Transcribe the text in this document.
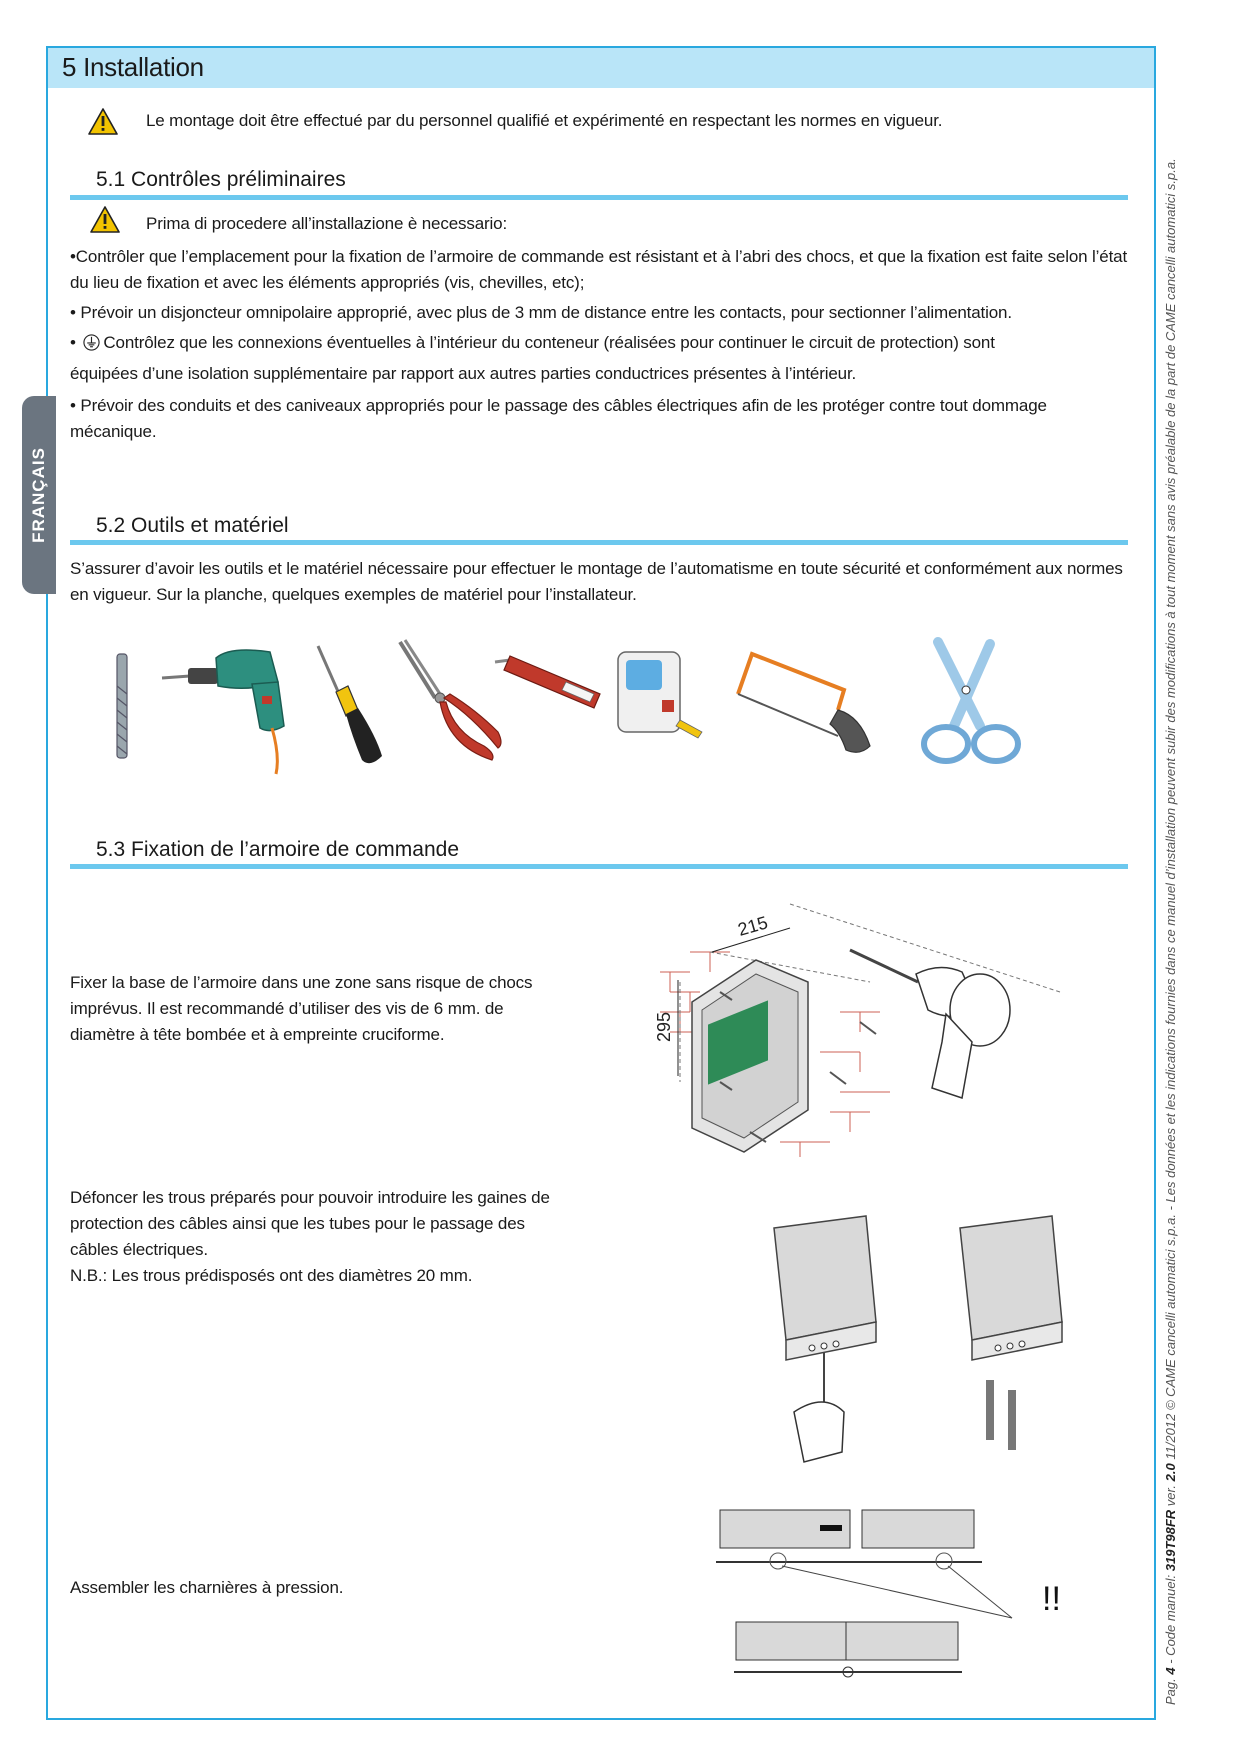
5 Installation

Le montage doit être effectué par du personnel qualifié et expérimenté en respectant les normes en vigueur.

FRANÇAIS
5.1 Contrôles préliminaires

Prima di procedere all’installazione è necessario:

•Contrôler que l’emplacement pour la fixation de l’armoire de commande est résistant et à l’abri des chocs, et que la fixation est faite selon l’état du lieu de fixation et avec les éléments appropriés (vis, chevilles, etc);

• Prévoir un disjoncteur omnipolaire approprié, avec plus de 3 mm de distance entre les contacts, pour sectionner l’alimentation.

• Contrôlez que les connexions éventuelles à l’intérieur du conteneur (réalisées pour continuer le circuit de protection) sont

équipées d’une isolation supplémentaire par rapport aux autres parties conductrices présentes à l’intérieur.

• Prévoir des conduits et des caniveaux appropriés pour le passage des câbles électriques afin de les protéger contre tout dommage mécanique.

5.2 Outils et matériel

S’assurer d’avoir les outils et le matériel nécessaire pour effectuer le montage de l’automatisme en toute sécurité et conformément aux normes en vigueur. Sur la planche, quelques exemples de matériel pour l’installateur.

5.3 Fixation de l’armoire de commande

Fixer la base de l’armoire dans une zone sans risque de chocs imprévus. Il est recommandé d’utiliser des vis de 6 mm. de diamètre à tête bombée et à empreinte cruciforme.

215
295

Défoncer les trous préparés pour pouvoir introduire les gaines de protection des câbles ainsi que les tubes pour le passage des câbles électriques.

N.B.: Les trous prédisposés ont des diamètres 20 mm.

Assembler les charnières à pression.	!!
Pag. 4 - Code manuel: 319T98FR ver. 2.0 11/2012 © CAME cancelli automatici s.p.a. - Les données et les indications fournies dans ce manuel d’installation peuvent subir des modifications à tout moment sans avis préalable de la part de CAME cancelli automatici s.p.a.
